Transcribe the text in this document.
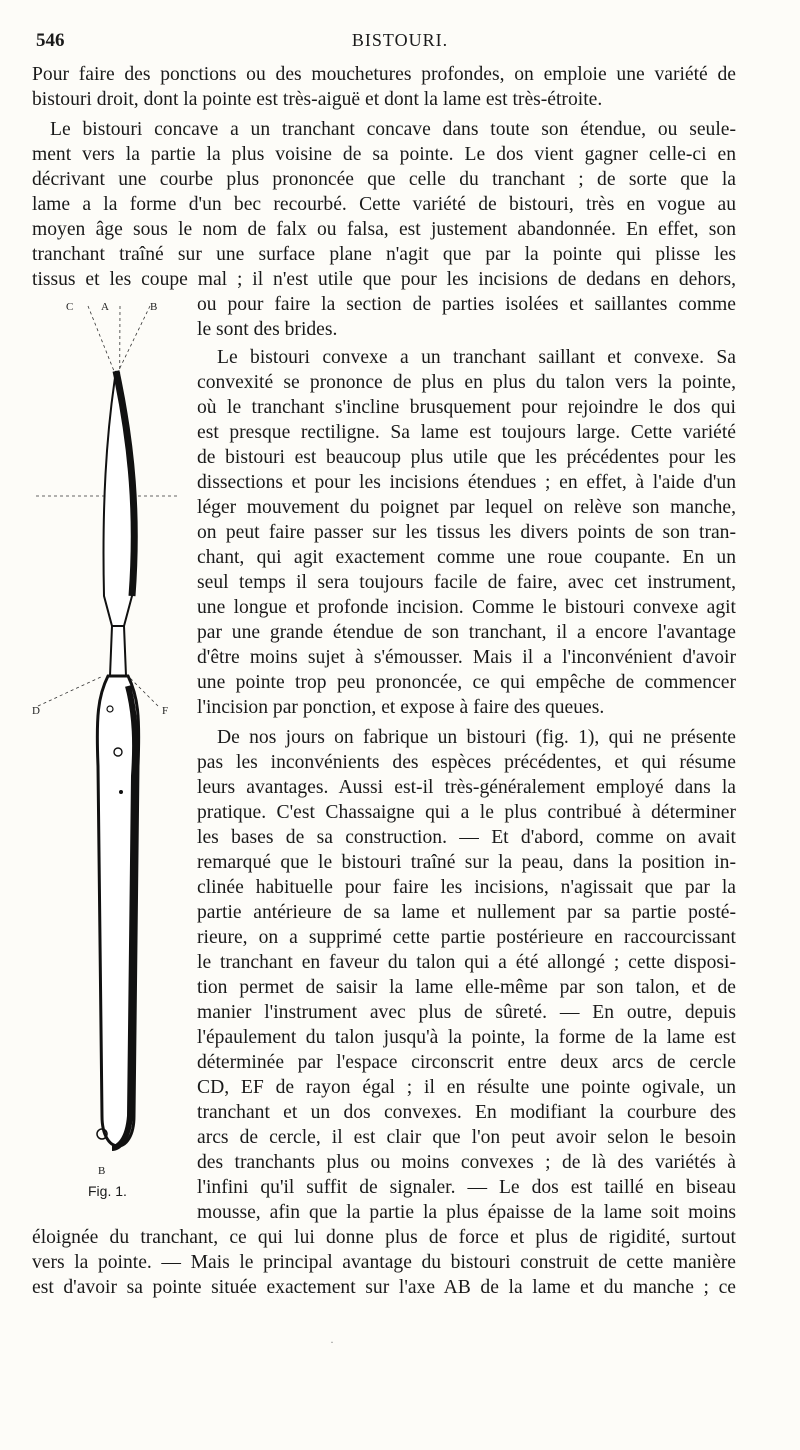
546	BISTOURI.
Pour faire des ponctions ou des mouchetures profondes, on emploie une variété de
bistouri droit, dont la pointe est très-aiguë et dont la lame est très-étroite.
Le bistouri concave a un tranchant concave dans toute son étendue, ou seule-
ment vers la partie la plus voisine de sa pointe. Le dos vient gagner celle-ci en
décrivant une courbe plus prononcée que celle du tranchant ; de sorte que la
lame a la forme d'un bec recourbé. Cette variété de bistouri, très en vogue au
moyen âge sous le nom de falx ou falsa, est justement abandonnée. En effet, son
tranchant traîné sur une surface plane n'agit que par la pointe qui plisse les
tissus et les coupe mal ; il n'est utile que pour les incisions de dedans en dehors,
ou pour faire la section de parties isolées et saillantes comme
le sont des brides.
Le bistouri convexe a un tranchant saillant et convexe. Sa
convexité se prononce de plus en plus du talon vers la pointe,
où le tranchant s'incline brusquement pour rejoindre le dos qui
est presque rectiligne. Sa lame est toujours large. Cette variété
de bistouri est beaucoup plus utile que les précédentes pour les
dissections et pour les incisions étendues ; en effet, à l'aide d'un
léger mouvement du poignet par lequel on relève son manche,
on peut faire passer sur les tissus les divers points de son tran-
chant, qui agit exactement comme une roue coupante. En un
seul temps il sera toujours facile de faire, avec cet instrument,
une longue et profonde incision. Comme le bistouri convexe agit
par une grande étendue de son tranchant, il a encore l'avantage
d'être moins sujet à s'émousser. Mais il a l'inconvénient d'avoir
une pointe trop peu prononcée, ce qui empêche de commencer
l'incision par ponction, et expose à faire des queues.
De nos jours on fabrique un bistouri (fig. 1), qui ne présente
pas les inconvénients des espèces précédentes, et qui résume
leurs avantages. Aussi est-il très-généralement employé dans la
pratique. C'est Chassaigne qui a le plus contribué à déterminer
les bases de sa construction. — Et d'abord, comme on avait
remarqué que le bistouri traîné sur la peau, dans la position in-
clinée habituelle pour faire les incisions, n'agissait que par la
partie antérieure de sa lame et nullement par sa partie posté-
rieure, on a supprimé cette partie postérieure en raccourcissant
le tranchant en faveur du talon qui a été allongé ; cette disposi-
tion permet de saisir la lame elle-même par son talon, et de
manier l'instrument avec plus de sûreté. — En outre, depuis
l'épaulement du talon jusqu'à la pointe, la forme de la lame est
déterminée par l'espace circonscrit entre deux arcs de cercle
CD, EF de rayon égal ; il en résulte une pointe ogivale, un
tranchant et un dos convexes. En modifiant la courbure des
arcs de cercle, il est clair que l'on peut avoir selon le besoin
des tranchants plus ou moins convexes ; de là des variétés à
l'infini qu'il suffit de signaler. — Le dos est taillé en biseau
mousse, afin que la partie la plus épaisse de la lame soit moins
éloignée du tranchant, ce qui lui donne plus de force et plus de rigidité, surtout
vers la pointe. — Mais le principal avantage du bistouri construit de cette manière
est d'avoir sa pointe située exactement sur l'axe AB de la lame et du manche ; ce
C	A	B
D	F
B
Fig. 1.
·
